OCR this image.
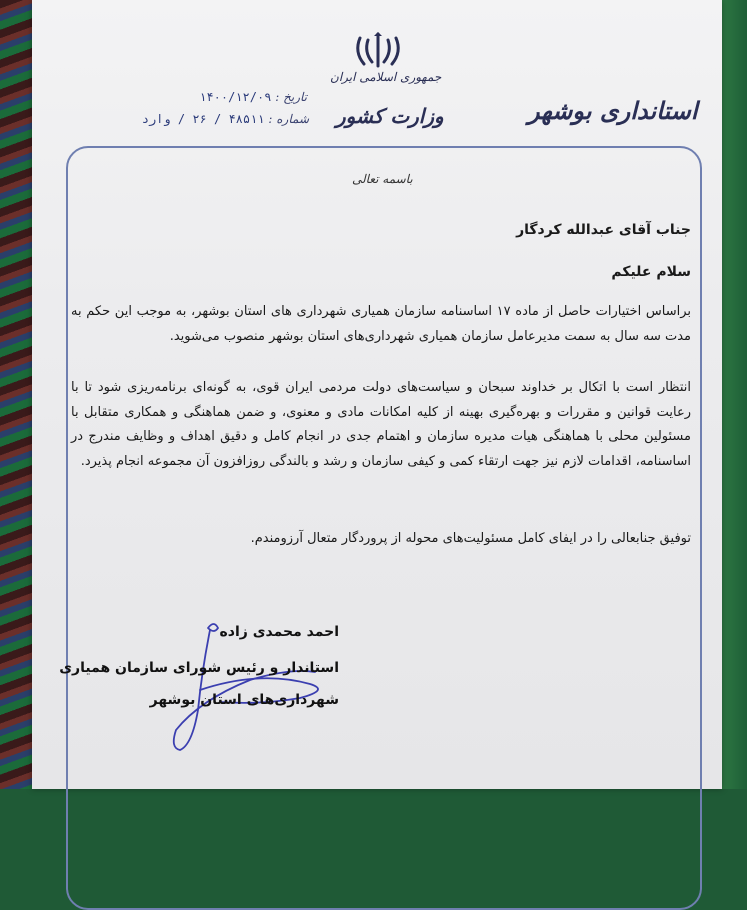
جمهوری اسلامی ایران
وزارت کشور	استانداری بوشهر
تاریخ : ۱۴۰۰/۱۲/۰۹
شماره : ۴۸۵۱۱ / ۲۶ / وارد
باسمه تعالی
جناب آقای عبدالله کردگار
سلام علیکم
براساس اختیارات حاصل از ماده ۱۷ اساسنامه سازمان همیاری شهرداری های استان بوشهر، به موجب این حکم به مدت سه سال به سمت مدیرعامل سازمان همیاری شهرداری‌های استان بوشهر منصوب می‌شوید.
انتظار است با اتکال بر خداوند سبحان و سیاست‌های دولت مردمی ایران قوی، به گونه‌ای برنامه‌ریزی شود تا با رعایت قوانین و مقررات و بهره‌گیری بهینه از کلیه امکانات مادی و معنوی، و ضمن هماهنگی و همکاری متقابل با مسئولین محلی با هماهنگی هیات مدیره سازمان و اهتمام جدی در انجام کامل و دقیق اهداف و وظایف مندرج در اساسنامه، اقدامات لازم نیز جهت ارتقاء کمی و کیفی سازمان و رشد و بالندگی روزافزون آن مجموعه انجام پذیرد.
توفیق جنابعالی را در ایفای کامل مسئولیت‌های محوله از پروردگار متعال آرزومندم.
احمد محمدی زاده
استاندار و رئیس شورای سازمان همیاری
شهرداری‌های استان بوشهر
